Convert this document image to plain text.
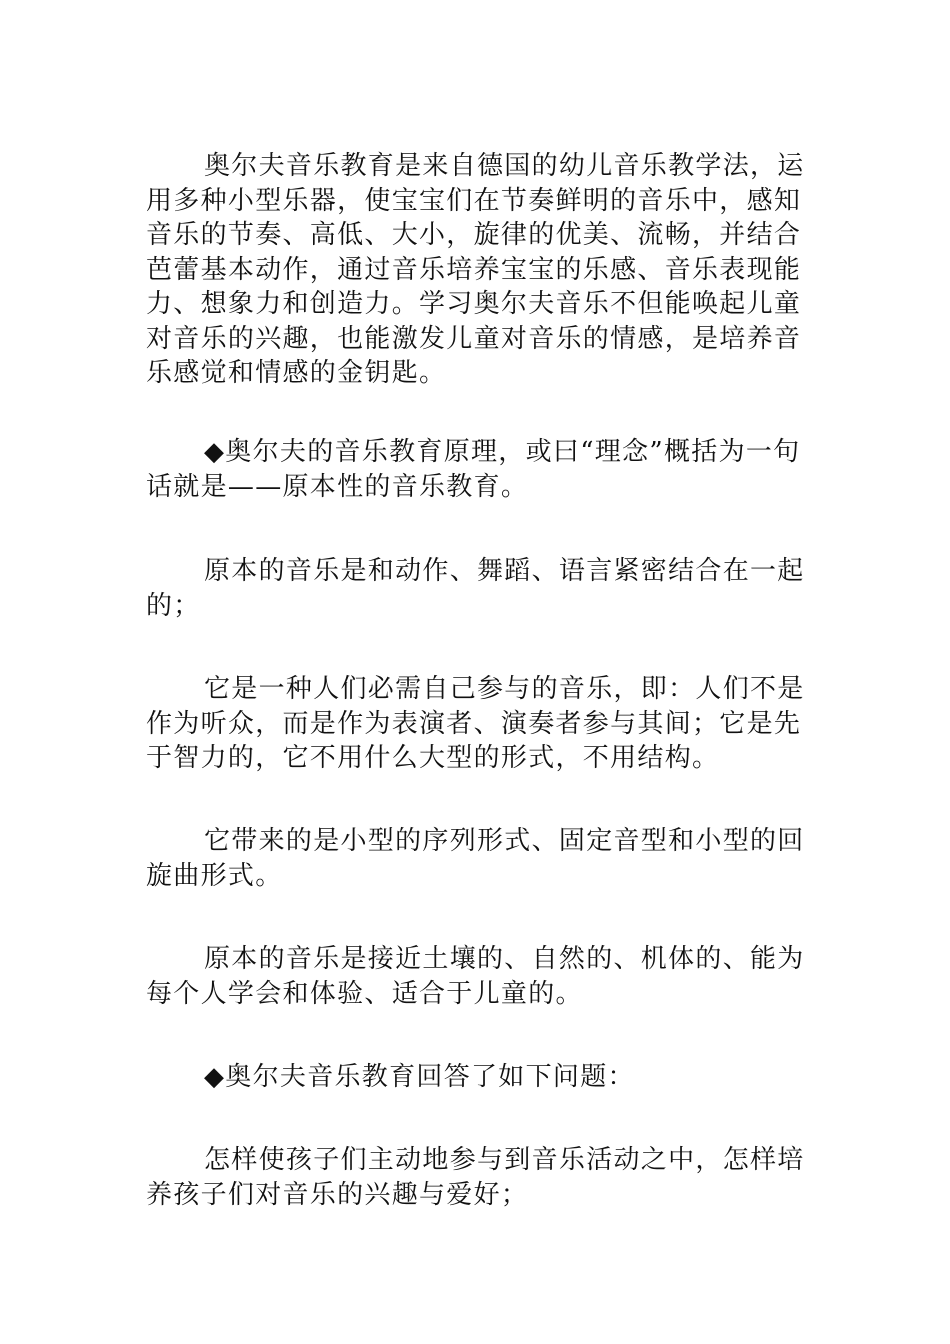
奥尔夫音乐教育是来自德国的幼儿音乐教学法，运用多种小型乐器，使宝宝们在节奏鲜明的音乐中，感知音乐的节奏、高低、大小，旋律的优美、流畅，并结合芭蕾基本动作，通过音乐培养宝宝的乐感、音乐表现能力、想象力和创造力。学习奥尔夫音乐不但能唤起儿童对音乐的兴趣，也能激发儿童对音乐的情感，是培养音乐感觉和情感的金钥匙。

◆奥尔夫的音乐教育原理，或曰“理念”概括为一句话就是——原本性的音乐教育。

原本的音乐是和动作、舞蹈、语言紧密结合在一起的；

它是一种人们必需自己参与的音乐，即：人们不是作为听众，而是作为表演者、演奏者参与其间；它是先于智力的，它不用什么大型的形式，不用结构。

它带来的是小型的序列形式、固定音型和小型的回旋曲形式。

原本的音乐是接近土壤的、自然的、机体的、能为每个人学会和体验、适合于儿童的。

◆奥尔夫音乐教育回答了如下问题：

怎样使孩子们主动地参与到音乐活动之中，怎样培养孩子们对音乐的兴趣与爱好；
